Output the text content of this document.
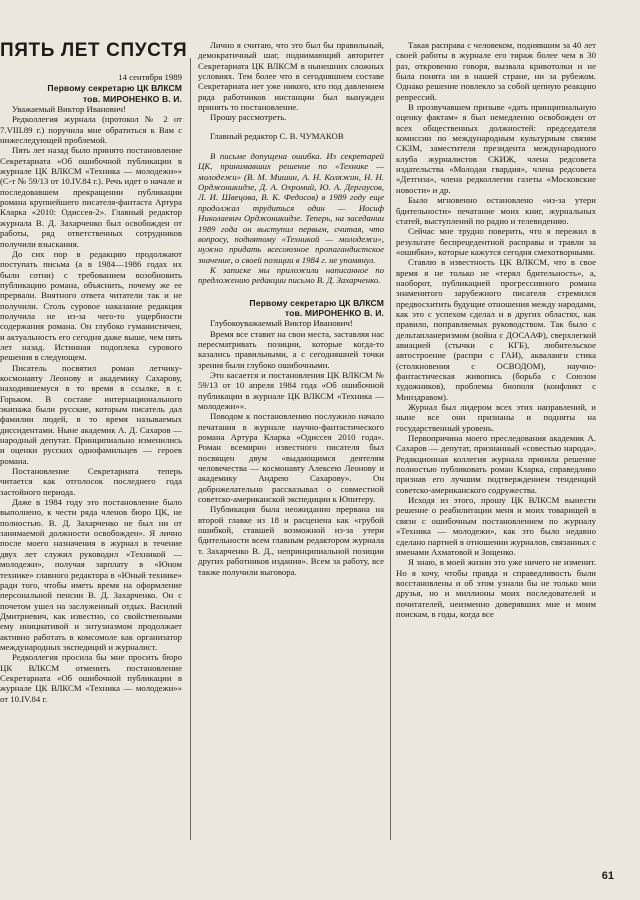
ПЯТЬ ЛЕТ СПУСТЯ

14 сентября 1989

Первому секретарю ЦК ВЛКСМ
тов. МИРОНЕНКО В. И.

Уважаемый Виктор Иванович!

Редколлегия журнала (протокол № 2 от 7.VIII.89 г.) поручила мне обратиться к Вам с нижеследующей проблемой.

Пять лет назад было принято постановление Секретариата «Об ошибочной публикации в журнале ЦК ВЛКСМ «Техника — молодежи»» (С-т № 59/13 от 10.IV.84 г.). Речь идет о начале и последовавшем прекращении публикации романа крупнейшего писателя-фантаста Артура Кларка «2010: Одиссея-2». Главный редактор журнала В. Д. Захарченко был освобожден от работы, ряд ответственных сотрудников получили взыскания.

До сих пор в редакцию продолжают поступать письма (а в 1984—1986 годах их были сотни) с требованием возобновить публикацию романа, объяснить, почему же ее прервали. Внятного ответа читатели так и не получили. Столь суровое наказание редакция получила не из-за чего-то ущербности содержания романа. Он глубоко гуманистичен, и актуальность его сегодня даже выше, чем пять лет назад. Истинная подоплека сурового решения в следующем.

Писатель посвятил роман летчику-космонавту Леонову и академику Сахарову, находившемуся в то время в ссылке, в г. Горьком. В составе интернационального экипажа были русские, которым писатель дал фамилии людей, в то время называемых диссидентами. Ныне академик А. Д. Сахаров — народный депутат. Принципиально изменились и оценки русских однофамильцев — героев романа.

Постановление Секретариата теперь читается как отголосок последнего года застойного периода.

Даже в 1984 году это постановление было выполнено, к чести ряда членов бюро ЦК, не полностью. В. Д. Захарченко не был ни от занимаемой должности освобожден». Я лично после моего назначения в журнал в течение двух лет служил руководил «Техникой — молодежи», получая зарплату в «Юном технике» главного редактора в «Юный технике» ради того, чтобы иметь время на оформление персональной пенсии В. Д. Захарченко. Он с почетом ушел на заслуженный отдых. Василий Дмитриевич, как известно, со свойственными ему инициативой и энтузиазмом продолжает активно работать в комсомоле как организатор международных экспедиций и журналист.

Редколлегия просила бы мне просить бюро ЦК ВЛКСМ отменить постановление Секретариата «Об ошибочной публикации в журнале ЦК ВЛКСМ «Техника — молодежи»» от 10.IV.84 г.

Лично я считаю, что это был бы правильный, демократичный шаг, поднимающий авторитет Секретариата ЦК ВЛКСМ в нынешних сложных условиях. Тем более что в сегодняшнем составе Секретариата нет уже никого, кто под давлением ряда работников инстанции был вынужден принять то постановление.

Прошу рассмотреть.

Главный редактор С. В. ЧУМАКОВ

В письме допущена ошибка. Из секретарей ЦК, принимавших решение по «Технике — молодежи» (В. М. Мишин, А. Н. Коляжин, Н. Н. Орджоникидзе, Д. А. Охромий, Ю. А. Дергаусов, Л. И. Швецова, В. К. Федосов) в 1989 году еще продолжал трудиться один — Иосиф Николаевич Орджоникидзе. Теперь, на заседании 1989 года он выступил первым, считая, что вопросу, поднятому «Техникой — молодежи», нужно придать всесоюзное пропагандистское значение, о своей позиции в 1984 г. не упомянул.

К записке мы приложили написанное по предложению редакции письмо В. Д. Захарченко.

Первому секретарю ЦК ВЛКСМ
тов. МИРОНЕНКО В. И.

Глубокоуважаемый Виктор Иванович!

Время все ставит на свои места, заставляя нас пересматривать позиции, которые когда-то казались правильными, а с сегодняшней точки зрения были глубоко ошибочными.

Это касается и постановления ЦК ВЛКСМ № 59/13 от 10 апреля 1984 года «Об ошибочной публикации в журнале ЦК ВЛКСМ «Техника — молодежи»».

Поводом к постановлению послужило начало печатания в журнале научно-фантастического романа Артура Кларка «Одиссея 2010 года». Роман всемирно известного писателя был посвящен двум «выдающимся деятелям человечества — космонавту Алексею Леонову и академику Андрею Сахарову». Он доброжелательно рассказывал о совместной советско-американской экспедиции к Юпитеру.

Публикация была неожиданно прервана на второй главке из 18 и расценена как «грубой ошибкой, ставшей возможной из-за утери бдительности всем главным редактором журнала т. Захарченко В. Д., непринципиальной позиции других работников издания». Всем за работу, все также получили выговора.

Такая расправа с человеком, поднявшим за 40 лет своей работы в журнале его тираж более чем в 30 раз, откровенно говоря, вызвала кривотолки и не была понята ни в нашей стране, ни за рубежом. Однако решение повлекло за собой цепную реакцию репрессий.

В прозвучавшем призыве «дать принципиальную оценку фактам» я был немедленно освобожден от всех общественных должностей: председателя комиссии по международным культурным связям СКЗМ, заместителя президента международного клуба журналистов СКИЖ, члена редсовета издательства «Молодая гвардия», члена редсовета «Детгиза», члена редколлегии газеты «Московские новости» и др.

Было мгновенно остановлено «из-за утери бдительности» печатание моих книг, журнальных статей, выступлений по радио и телевидению.

Сейчас мне трудно поверить, что я пережил в результате беспрецедентной расправы и травли за «ошибки», которые кажутся сегодня смехотворными.

Ставлю в известность ЦК ВЛКСМ, что в свое время я не только не «терял бдительность», а, наоборот, публикацией прогрессивного романа знаменитого зарубежного писателя стремился предвосхитить будущие отношения между народами, как это с успехом сделал и в других областях, как правило, поправляемых руководством. Так было с дельтапланеризмом (война с ДОСААФ), сверхлегкой авиацией (стычки с КГБ), любительское автостроение (распри с ГАИ), акваланги стика (столкновения с ОСВОДОМ), научно-фантастическая живопись (борьба с Союзом художников), проблемы биополя (конфликт с Минздравом).

Журнал был лидером всех этих направлений, и ныне все они признаны и подняты на государственный уровень.

Первопричина моего преследования академик А. Сахаров — депутат, признанный «совестью народа». Редакционная коллегия журнала приняла решение полностью публиковать роман Кларка, справедливо признав его лучшим подтверждением тенденций советско-американского содружества.

Исходя из этого, прошу ЦК ВЛКСМ вынести решение о реабилитации меня и моих товарищей в связи с ошибочным постановлением по журналу «Техника — молодежи», как это было недавно сделано партией в отношении журналов, связанных с именами Ахматовой и Зощенко.

Я знаю, в моей жизни это уже ничего не изменит. Но я хочу, чтобы правда и справедливость были восстановлены и об этом узнали бы не только мои друзья, но и миллионы моих последователей и почитателей, неизменно доверявших мне и моим поискам, в годы, когда все

61
